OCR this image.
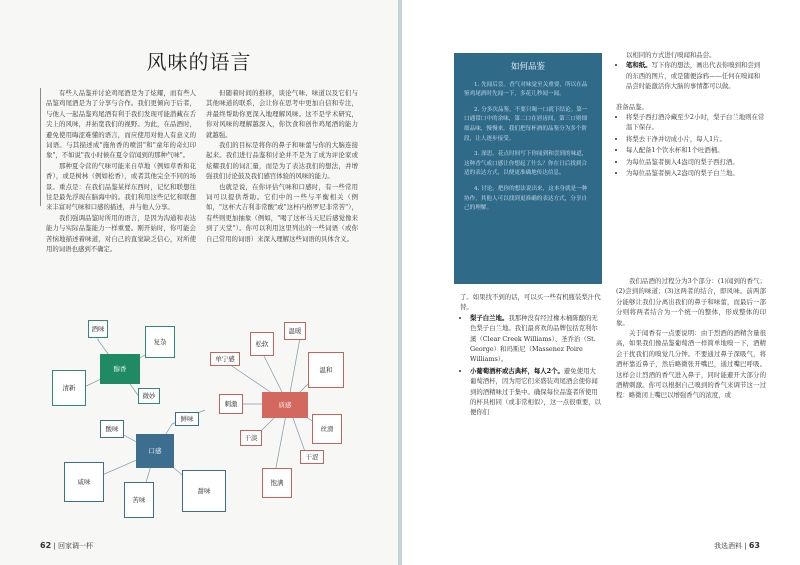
风味的语言

有些人品鉴并讨论鸡尾酒是为了炫耀，而有些人品鉴鸡尾酒是为了分享与合作。我们更倾向于后者，与他人一起品鉴鸡尾酒有利于我们发现可能潜藏在舌尖上的风味，并拓宽我们的视野。为此，在品酒时，避免使用晦涩难懂的语言，而应使用对他人有意义的词语。与其描述成"施角香的喷泪"和"童年的奇幻印象"，不如说"我小时候在夏令营闻到的那种气味"。

那种夏令营的气味可能来自草地（例如草香和花香），或是树林（例如松香），或者其他完全不同的场景。重点是：在我们品鉴某样东西时，记忆和联想往往是最先浮现在脑海中的。我们利用这些记忆和联想来丰富对气味和口感的描述，并与他人分享。

我们强调品鉴时所用的语言，是因为沟通和表达能力与实际品鉴能力一样重要。刚开始时，你可能会苦恼地描述着味道，对自己的直觉缺乏信心，对所使用的词语也感到不确定。

但随着时间的推移，谈论气味、味道以及它们与其他味道的联系，会让你在思考中更加自信和专注，并最终帮助你更深入地理解风味。这不是学术研究，你对风味的理解越深入，你饮食和创作鸡尾酒的能力就越强。

我们的目标是将你的鼻子和味蕾与你的大脑连接起来。我们进行品鉴和讨论并不是为了成为评论家或炫耀我们的词汇量，而是为了表达我们的想法，并增强我们讨论鼓及我们感官体验的风味的能力。

也就是说，在你评估气味和口感时，有一些常用词可以提供帮助。它们中的一些与平衡相关（例如，"这杯大吉利非常酸"或"这杯内格罗尼非常苦"），有些则更加抽象（例如，"喝了这杯马天尼后感觉像来到了天堂"）。你可以利用这里列出的一些词语（或你自己常用的词语）来深入理解这些词语的具体含义。

酒味
复杂
醇香
清新
微妙
松软
温暖
温和
单宁感
刺激	质感
丝滑
干淡
干涩
饱满
鲜味
酸味
口感
咸味
苦味
甜味
62 | 回家调一杯
如何品鉴

1. 先闻后尝。香气对味觉至关重要，所以在品鉴鸡尾酒时先闻一下，多花几秒闻一闻。

2. 分多次品鉴，不要只喝一口就下结论。第一口通常口中的余味，第二口在唇齿间，第三口则细细品味，慢慢来。我们把每杯酒的品鉴分为多个阶段，让人逐步接受。

3. 深思。花点时间写下你闻到和尝到的味道，这种香气或口感让你想起了什么？你在日后找到合适的表达方式，以便更准确地传达信息。

4. 讨论。把你的想法说出来，这本身就是一种协作，其他人可以找到更准确的表达方式，分享自己的理解。

以相同的方式进行嗅闻和品尝。
• 笔和纸。写下你的想法，画出代表你嗅到和尝到的东西的图片，或是随便涂鸦——任何在嗅闻和品尝时能激活你大脑的事情都可以做。
准备品鉴。
• 将梨子西打酒冷藏至少2小时，梨子白兰地则在常温下保存。
• 将梨去干净并切成小片，每人1片。
• 每人配备1个饮水杯和1个吐酒桶。
• 为每位品鉴者倒入4盎司的梨子西打酒。
• 为每位品鉴者倒入2盎司的梨子白兰地。
了。如果找不到的话，可以买一些有机瓶装梨汁代替。
• 梨子白兰地。我那种没有经过橡木桶陈酿的无色梨子白兰地。我们最喜欢的品牌包括克利尔溪（Clear Creek Williams）、圣乔治（St. George）和玛斯尼（Massenez Poire Williams）。
• 小葡萄酒杯或古典杯，每人2个。避免使用大葡萄酒杯，因为用它们来盛装鸡尾酒会使你闻到的酒精味过于集中。确保每位品鉴者所使用的杯具相同（或非常相似），这一点很重要，以便你们

我们品酒的过程分为3个部分：(1)闻到的香气；(2)尝到的味道；(3)这两者的结合，即风味。前两部分能够让我们分离出我们的鼻子和味蕾，而最后一部分则将两者结合为一个统一的整体，形成整体的印象。

关于闻香有一点要说明：由于烈酒的酒精含量很高，如果我们像品鉴葡萄酒一样简单地嗅一下，酒精会干扰我们的嗅觉几分钟。不要通过鼻子深吸气，将酒杯靠近鼻子，然后略微张开嘴巴，通过嘴巴呼吸。这样会让烈酒的香气进入鼻子，同时能避开大部分的酒精刺激。你可以根据自己嗅到的香气来调节这一过程：略微闭上嘴巴以增强香气的浓度，或

我选酒料 | 63
